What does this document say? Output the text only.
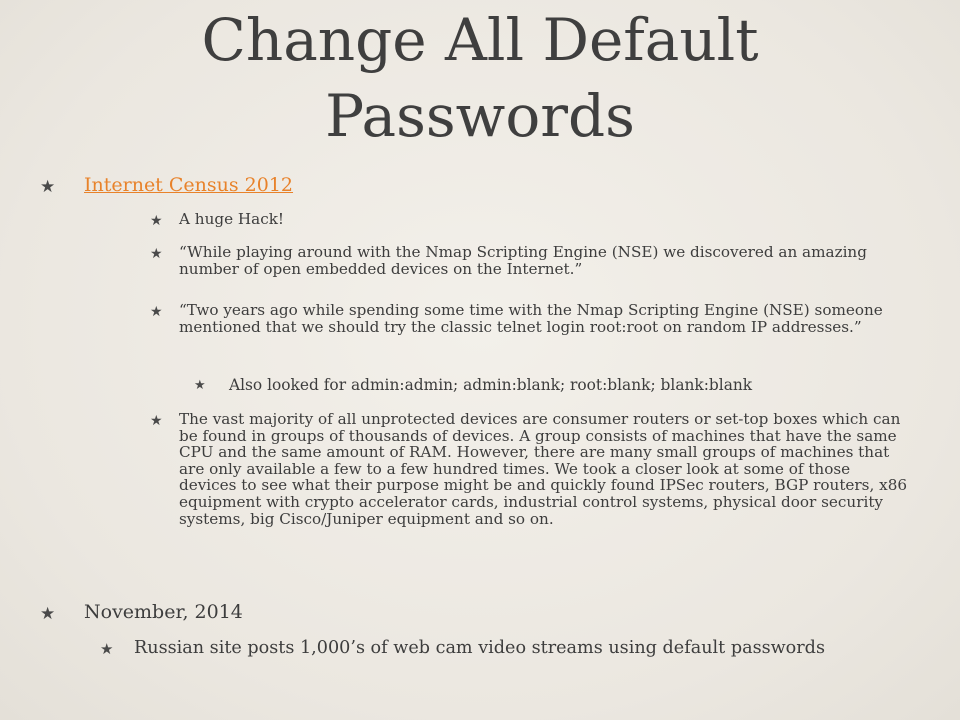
Change All Default
Passwords
★	Internet Census 2012
★	A huge Hack!
★	“While playing around with the Nmap Scripting Engine (NSE) we discovered an amazing number of open embedded devices on the Internet.”
★	“Two years ago while spending some time with the Nmap Scripting Engine (NSE) someone mentioned that we should try the classic telnet login root:root on random IP addresses.”
★	Also looked for admin:admin; admin:blank; root:blank; blank:blank
★	The vast majority of all unprotected devices are consumer routers or set-top boxes which can be found in groups of thousands of devices. A group consists of machines that have the same CPU and the same amount of RAM. However, there are many small groups of machines that are only available a few to a few hundred times. We took a closer look at some of those devices to see what their purpose might be and quickly found IPSec routers, BGP routers, x86 equipment with crypto accelerator cards, industrial control systems, physical door security systems, big Cisco/Juniper equipment and so on.
★	November, 2014
★	Russian site posts 1,000’s of web cam video streams using default passwords
